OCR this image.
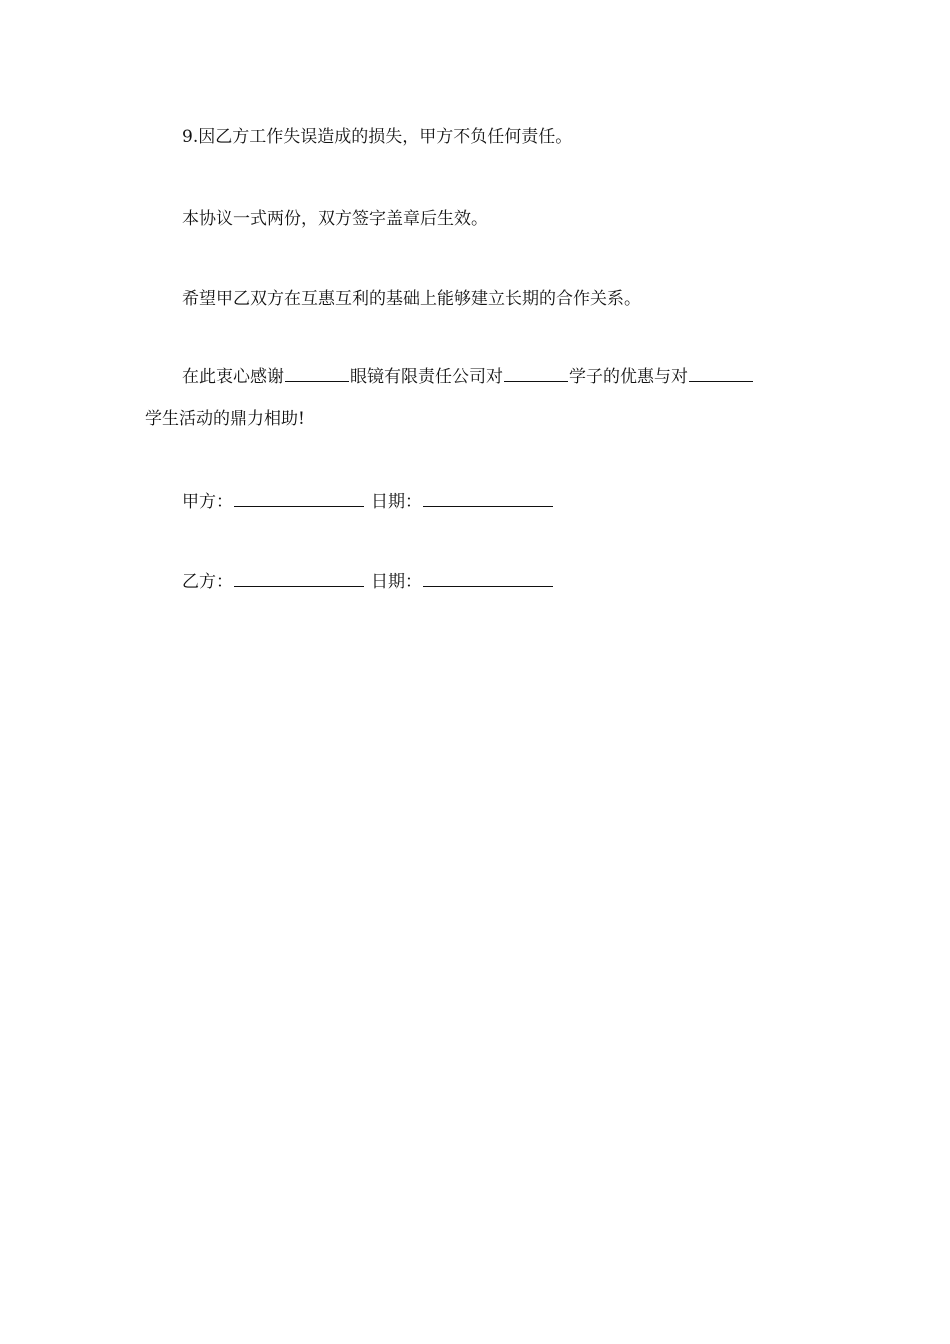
9.因乙方工作失误造成的损失，甲方不负任何责任。
本协议一式两份，双方签字盖章后生效。
希望甲乙双方在互惠互利的基础上能够建立长期的合作关系。
在此衷心感谢	眼镜有限责任公司对	学子的优惠与对
学生活动的鼎力相助!
甲方：	日期：
乙方：	日期：
